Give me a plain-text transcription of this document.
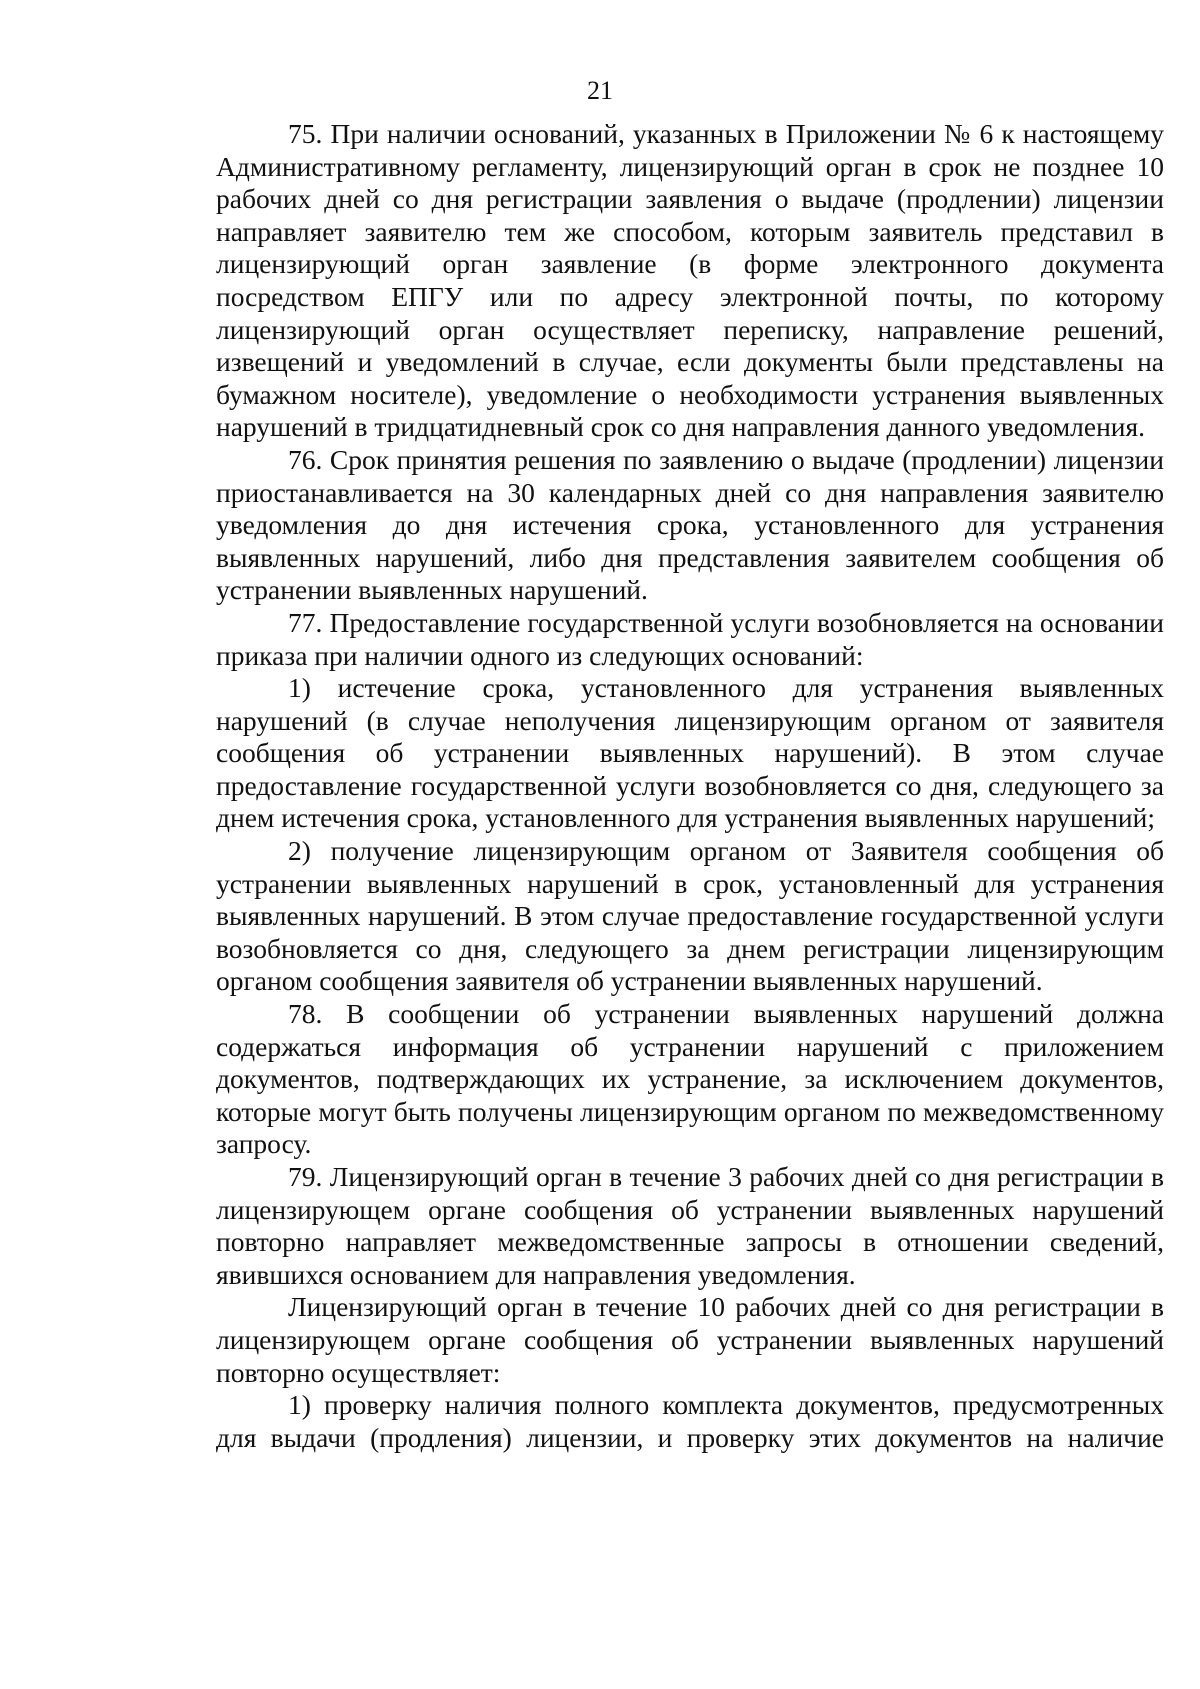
21

75. При наличии оснований, указанных в Приложении № 6 к настоящему Административному регламенту, лицензирующий орган в срок не позднее 10 рабочих дней со дня регистрации заявления о выдаче (продлении) лицензии направляет заявителю тем же способом, которым заявитель представил в лицензирующий орган заявление (в форме электронного документа посредством ЕПГУ или по адресу электронной почты, по которому лицензирующий орган осуществляет переписку, направление решений, извещений и уведомлений в случае, если документы были представлены на бумажном носителе), уведомление о необходимости устранения выявленных нарушений в тридцатидневный срок со дня направления данного уведомления.

76. Срок принятия решения по заявлению о выдаче (продлении) лицензии приостанавливается на 30 календарных дней со дня направления заявителю уведомления до дня истечения срока, установленного для устранения выявленных нарушений, либо дня представления заявителем сообщения об устранении выявленных нарушений.

77. Предоставление государственной услуги возобновляется на основании приказа при наличии одного из следующих оснований:

1) истечение срока, установленного для устранения выявленных нарушений (в случае неполучения лицензирующим органом от заявителя сообщения об устранении выявленных нарушений). В этом случае предоставление государственной услуги возобновляется со дня, следующего за днем истечения срока, установленного для устранения выявленных нарушений;

2) получение лицензирующим органом от Заявителя сообщения об устранении выявленных нарушений в срок, установленный для устранения выявленных нарушений. В этом случае предоставление государственной услуги возобновляется со дня, следующего за днем регистрации лицензирующим органом сообщения заявителя об устранении выявленных нарушений.

78. В сообщении об устранении выявленных нарушений должна содержаться информация об устранении нарушений с приложением документов, подтверждающих их устранение, за исключением документов, которые могут быть получены лицензирующим органом по межведомственному запросу.

79. Лицензирующий орган в течение 3 рабочих дней со дня регистрации в лицензирующем органе сообщения об устранении выявленных нарушений повторно направляет межведомственные запросы в отношении сведений, явившихся основанием для направления уведомления.

Лицензирующий орган в течение 10 рабочих дней со дня регистрации в лицензирующем органе сообщения об устранении выявленных нарушений повторно осуществляет:

1) проверку наличия полного комплекта документов, предусмотренных для выдачи (продления) лицензии, и проверку этих документов на наличие
